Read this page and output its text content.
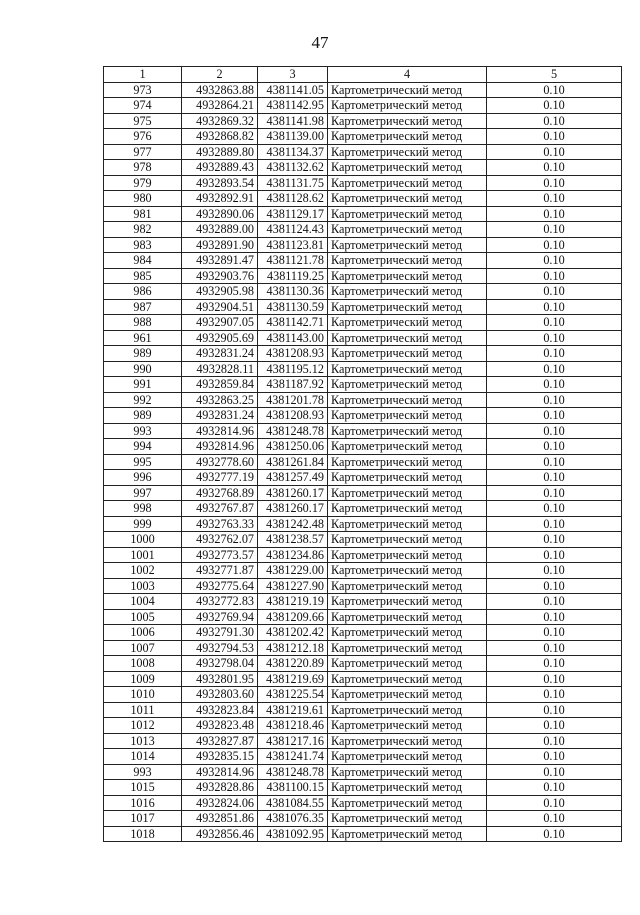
47
1	2	3	4	5
973	4932863.88	4381141.05	Картометрический метод	0.10
974	4932864.21	4381142.95	Картометрический метод	0.10
975	4932869.32	4381141.98	Картометрический метод	0.10
976	4932868.82	4381139.00	Картометрический метод	0.10
977	4932889.80	4381134.37	Картометрический метод	0.10
978	4932889.43	4381132.62	Картометрический метод	0.10
979	4932893.54	4381131.75	Картометрический метод	0.10
980	4932892.91	4381128.62	Картометрический метод	0.10
981	4932890.06	4381129.17	Картометрический метод	0.10
982	4932889.00	4381124.43	Картометрический метод	0.10
983	4932891.90	4381123.81	Картометрический метод	0.10
984	4932891.47	4381121.78	Картометрический метод	0.10
985	4932903.76	4381119.25	Картометрический метод	0.10
986	4932905.98	4381130.36	Картометрический метод	0.10
987	4932904.51	4381130.59	Картометрический метод	0.10
988	4932907.05	4381142.71	Картометрический метод	0.10
961	4932905.69	4381143.00	Картометрический метод	0.10
989	4932831.24	4381208.93	Картометрический метод	0.10
990	4932828.11	4381195.12	Картометрический метод	0.10
991	4932859.84	4381187.92	Картометрический метод	0.10
992	4932863.25	4381201.78	Картометрический метод	0.10
989	4932831.24	4381208.93	Картометрический метод	0.10
993	4932814.96	4381248.78	Картометрический метод	0.10
994	4932814.96	4381250.06	Картометрический метод	0.10
995	4932778.60	4381261.84	Картометрический метод	0.10
996	4932777.19	4381257.49	Картометрический метод	0.10
997	4932768.89	4381260.17	Картометрический метод	0.10
998	4932767.87	4381260.17	Картометрический метод	0.10
999	4932763.33	4381242.48	Картометрический метод	0.10
1000	4932762.07	4381238.57	Картометрический метод	0.10
1001	4932773.57	4381234.86	Картометрический метод	0.10
1002	4932771.87	4381229.00	Картометрический метод	0.10
1003	4932775.64	4381227.90	Картометрический метод	0.10
1004	4932772.83	4381219.19	Картометрический метод	0.10
1005	4932769.94	4381209.66	Картометрический метод	0.10
1006	4932791.30	4381202.42	Картометрический метод	0.10
1007	4932794.53	4381212.18	Картометрический метод	0.10
1008	4932798.04	4381220.89	Картометрический метод	0.10
1009	4932801.95	4381219.69	Картометрический метод	0.10
1010	4932803.60	4381225.54	Картометрический метод	0.10
1011	4932823.84	4381219.61	Картометрический метод	0.10
1012	4932823.48	4381218.46	Картометрический метод	0.10
1013	4932827.87	4381217.16	Картометрический метод	0.10
1014	4932835.15	4381241.74	Картометрический метод	0.10
993	4932814.96	4381248.78	Картометрический метод	0.10
1015	4932828.86	4381100.15	Картометрический метод	0.10
1016	4932824.06	4381084.55	Картометрический метод	0.10
1017	4932851.86	4381076.35	Картометрический метод	0.10
1018	4932856.46	4381092.95	Картометрический метод	0.10
